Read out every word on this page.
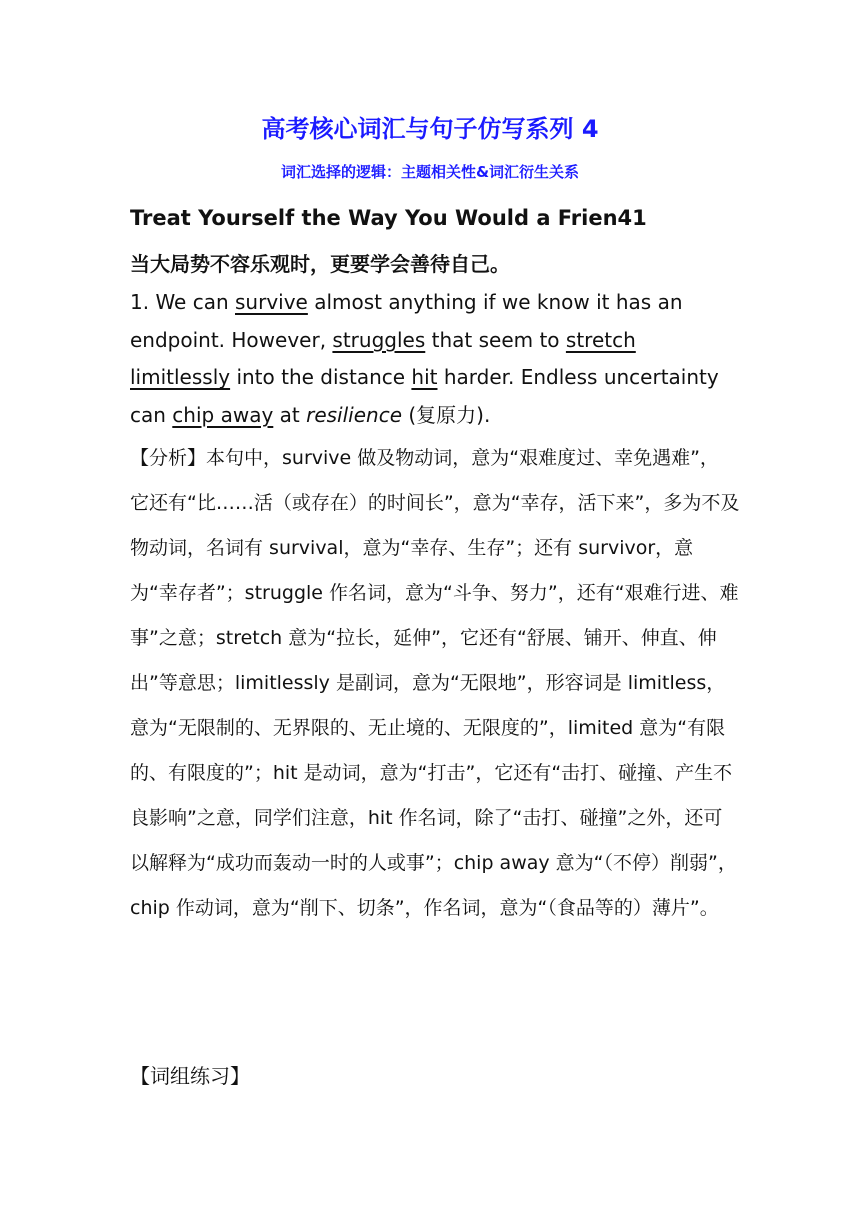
高考核心词汇与句子仿写系列 4
词汇选择的逻辑：主题相关性&词汇衍生关系
Treat Yourself the Way You Would a Frien41
当大局势不容乐观时，更要学会善待自己。

1. We can survive almost anything if we know it has an endpoint. However, struggles that seem to stretch limitlessly into the distance hit harder. Endless uncertainty can chip away at resilience (复原力).

【分析】本句中，survive 做及物动词，意为“艰难度过、幸免遇难”， 它还有“比……活（或存在）的时间长”，意为“幸存，活下来”，多为不及物动词，名词有 survival，意为“幸存、生存”；还有 survivor，意为“幸存者”；struggle 作名词，意为“斗争、努力”，还有“艰难行进、难事”之意；stretch 意为“拉长，延伸”，它还有“舒展、铺开、伸直、伸出”等意思；limitlessly 是副词，意为“无限地”，形容词是 limitless，意为“无限制的、无界限的、无止境的、无限度的”，limited 意为“有限的、有限度的”；hit 是动词，意为“打击”，它还有“击打、碰撞、产生不良影响”之意，同学们注意，hit 作名词，除了“击打、碰撞”之外，还可以解释为“成功而轰动一时的人或事”；chip away 意为“（不停）削弱”，chip 作动词，意为“削下、切条”，作名词，意为“（食品等的）薄片”。

【词组练习】
